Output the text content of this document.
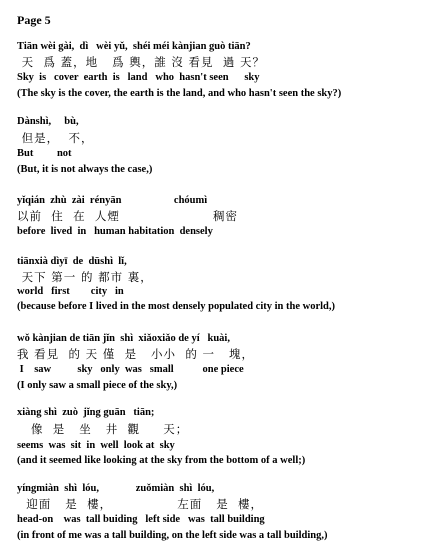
Page 5
Tiān wèi gài,  dì   wèi yǔ,  shéi méi kànjian guò tiān?
天  爲 蓋，地   爲 輿，誰 沒 看見  過 天？
Sky  is   cover  earth  is   land   who  hasn't seen      sky
(The sky is the cover, the earth is the land, and who hasn't seen the sky?)
Dànshì,     bù,
但是，  不，
But         not
(But, it is not always the case,)
yǐqián  zhù  zài  rényān                    chóumì
以前  住  在  人煙                    稠密
before  lived  in   human habitation  densely
tiānxià dìyī  de  dūshì  lǐ,
天下 第一 的 都市 裏，
world   first        city   in
(because before I lived in the most densely populated city in the world,)
wǒ kànjian de tiān jǐn  shì  xiǎoxiǎo de yí   kuài,
我 看見  的 天 僅  是   小小  的 一   塊，
I    saw          sky   only  was   small           one piece
(I only saw a small piece of the sky,)
xiàng shì  zuò  jǐng guān   tiān;
像  是   坐   井  觀     天；
seems  was  sit  in  well  look at  sky
(and it seemed like looking at the sky from the bottom of a well;)
yíngmiàn  shì  lóu,              zuǒmiàn  shì  lóu,
迎面   是  樓，              左面   是  樓，
head-on    was  tall buiding   left side   was  tall building
(in front of me was a tall building, on the left side was a tall building,)
